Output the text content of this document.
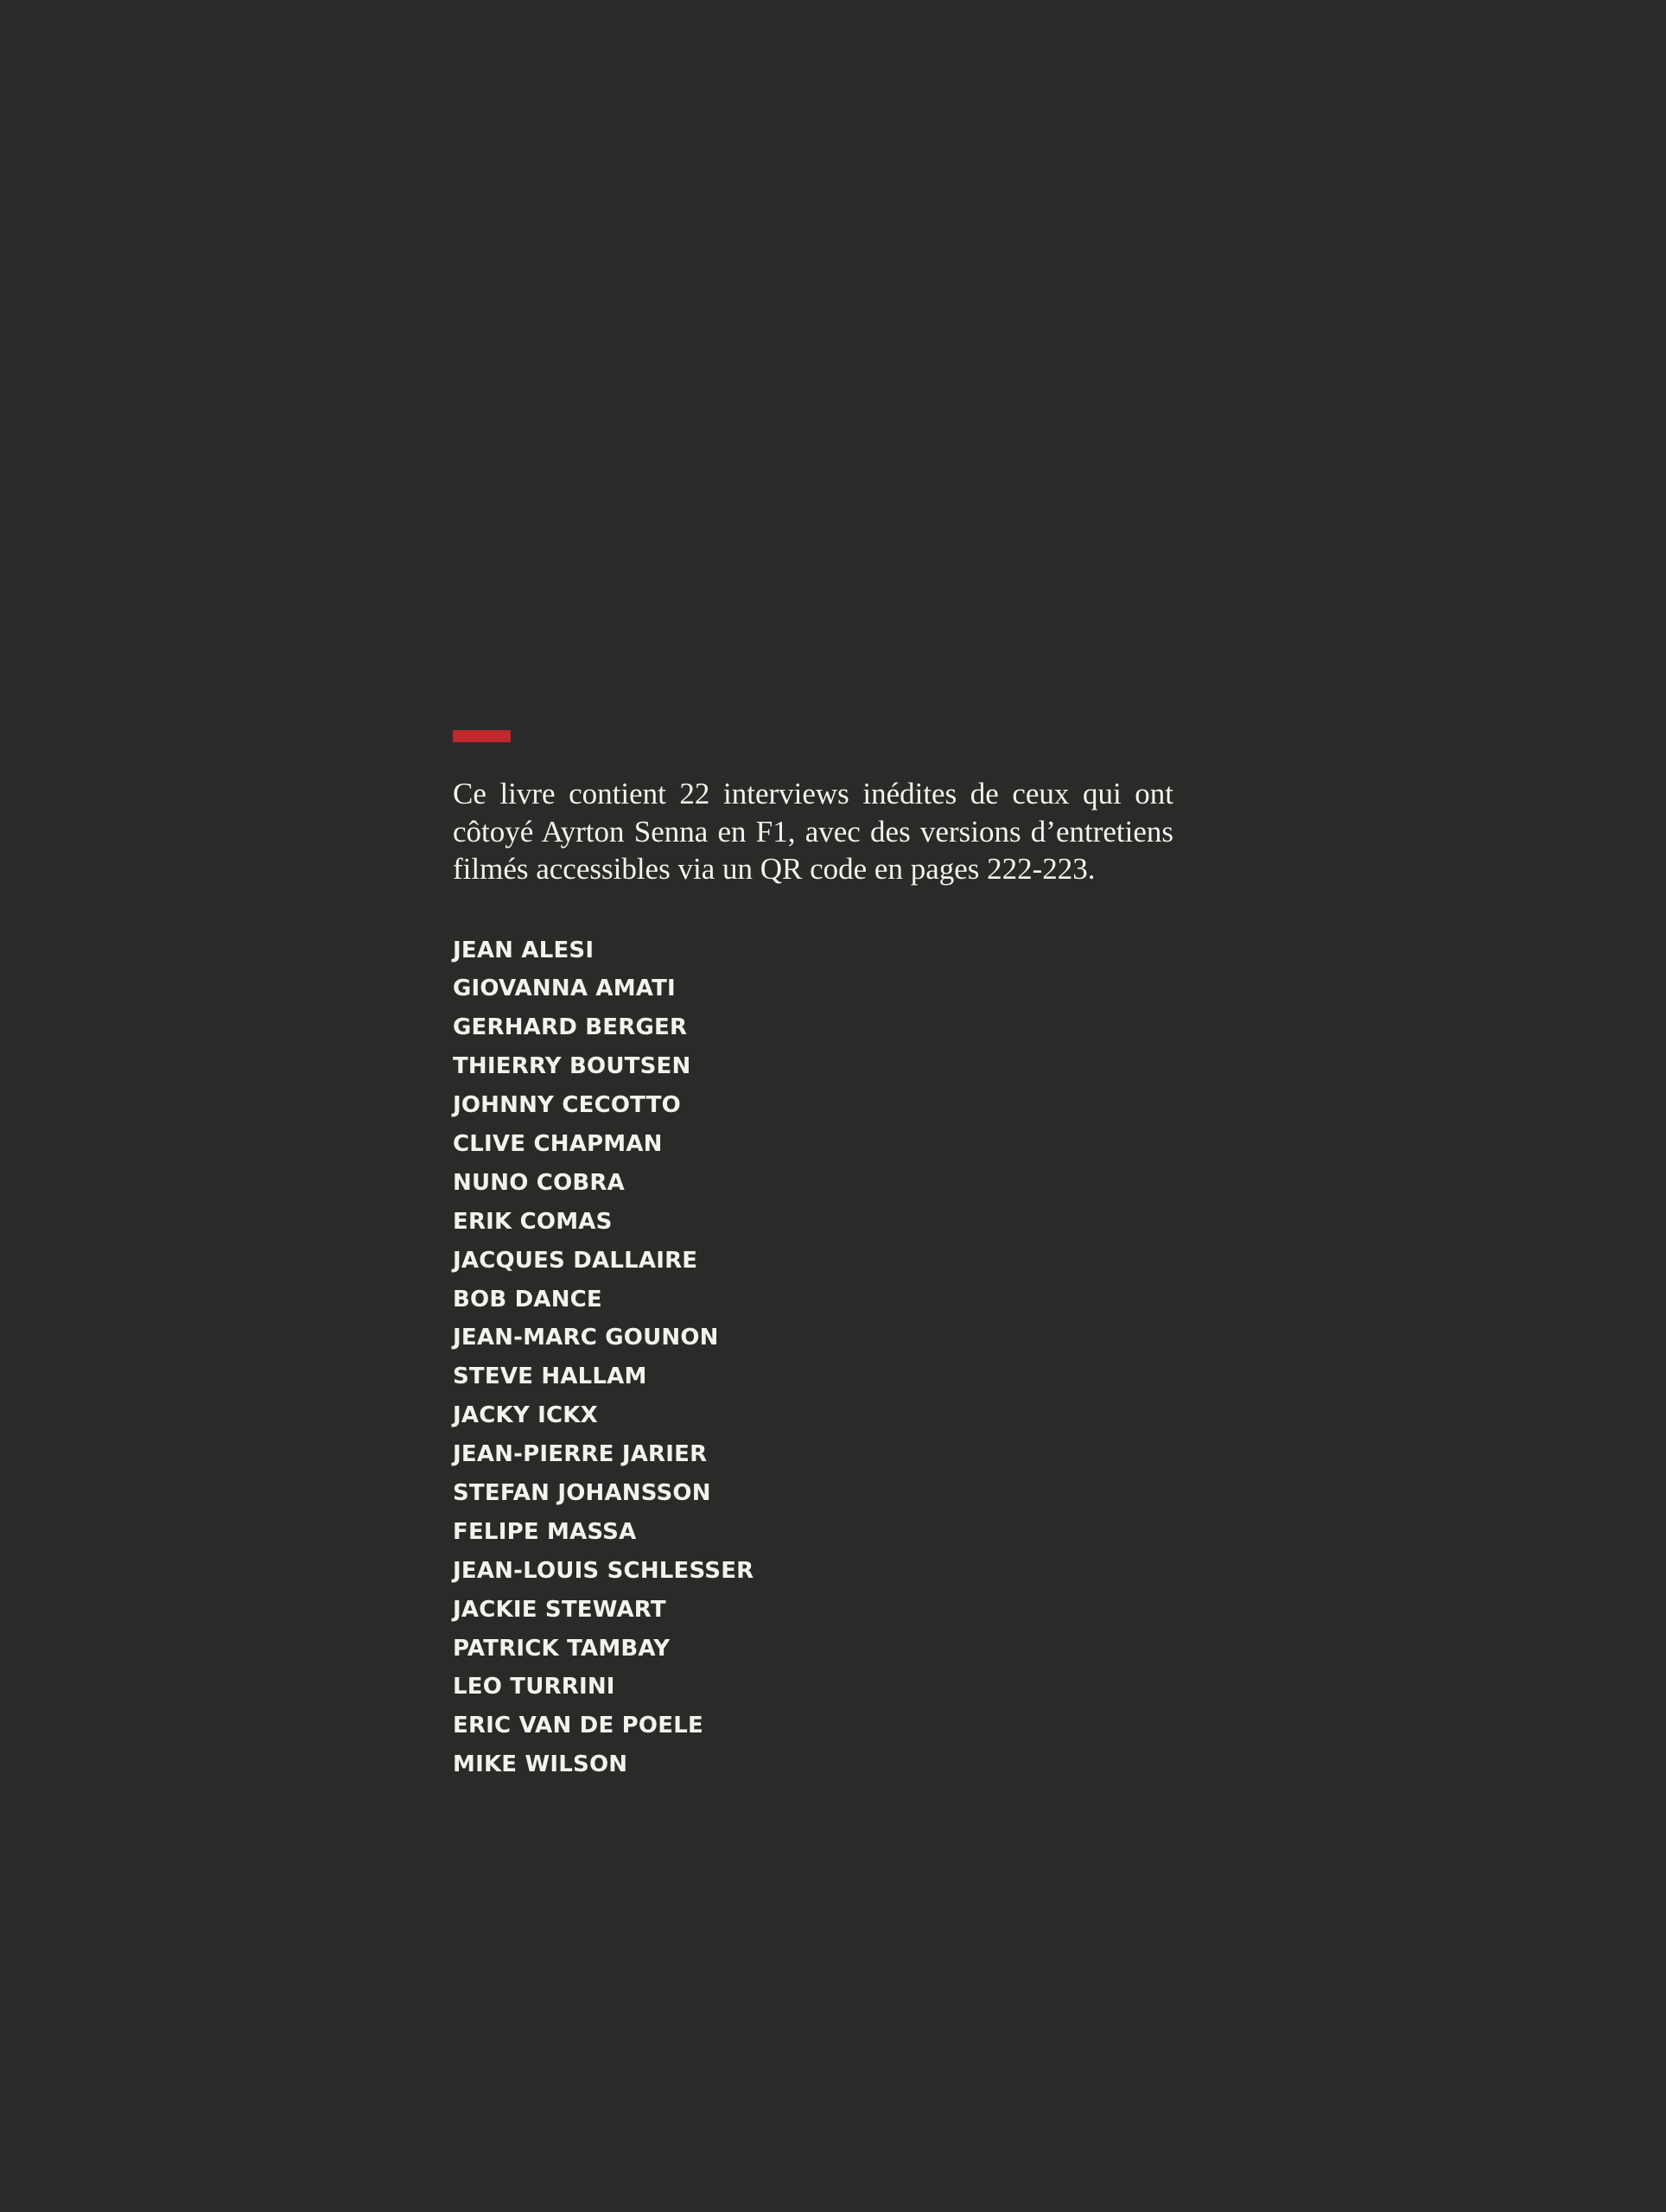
Ce livre contient 22 interviews inédites de ceux qui ont côtoyé Ayrton Senna en F1, avec des versions d’entretiens filmés accessibles via un QR code en pages 222-223.

JEAN ALESI
GIOVANNA AMATI
GERHARD BERGER
THIERRY BOUTSEN
JOHNNY CECOTTO
CLIVE CHAPMAN
NUNO COBRA
ERIK COMAS
JACQUES DALLAIRE
BOB DANCE
JEAN-MARC GOUNON
STEVE HALLAM
JACKY ICKX
JEAN-PIERRE JARIER
STEFAN JOHANSSON
FELIPE MASSA
JEAN-LOUIS SCHLESSER
JACKIE STEWART
PATRICK TAMBAY
LEO TURRINI
ERIC VAN DE POELE
MIKE WILSON
